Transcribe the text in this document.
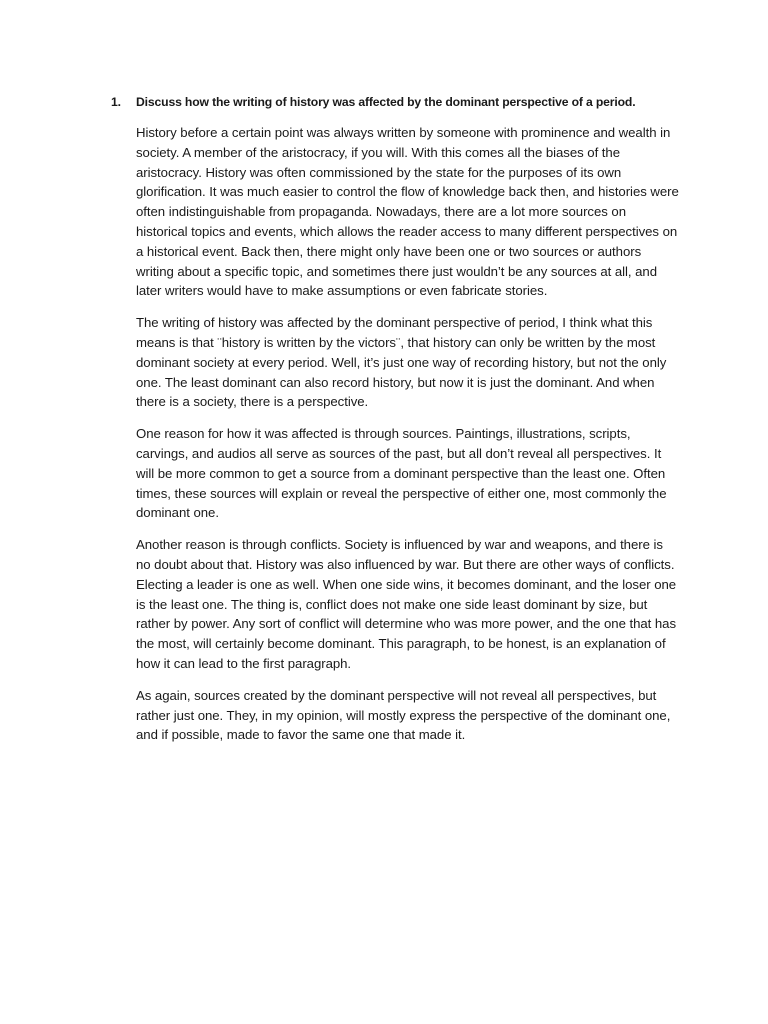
1. Discuss how the writing of history was affected by the dominant perspective of a period.

History before a certain point was always written by someone with prominence and wealth in society. A member of the aristocracy, if you will. With this comes all the biases of the aristocracy. History was often commissioned by the state for the purposes of its own glorification. It was much easier to control the flow of knowledge back then, and histories were often indistinguishable from propaganda. Nowadays, there are a lot more sources on historical topics and events, which allows the reader access to many different perspectives on a historical event. Back then, there might only have been one or two sources or authors writing about a specific topic, and sometimes there just wouldn’t be any sources at all, and later writers would have to make assumptions or even fabricate stories.

The writing of history was affected by the dominant perspective of period, I think what this means is that ¨history is written by the victors¨, that history can only be written by the most dominant society at every period. Well, it’s just one way of recording history, but not the only one. The least dominant can also record history, but now it is just the dominant. And when there is a society, there is a perspective.

One reason for how it was affected is through sources. Paintings, illustrations, scripts, carvings, and audios all serve as sources of the past, but all don’t reveal all perspectives. It will be more common to get a source from a dominant perspective than the least one. Often times, these sources will explain or reveal the perspective of either one, most commonly the dominant one.

Another reason is through conflicts. Society is influenced by war and weapons, and there is no doubt about that. History was also influenced by war. But there are other ways of conflicts. Electing a leader is one as well. When one side wins, it becomes dominant, and the loser one is the least one. The thing is, conflict does not make one side least dominant by size, but rather by power. Any sort of conflict will determine who was more power, and the one that has the most, will certainly become dominant. This paragraph, to be honest, is an explanation of how it can lead to the first paragraph.

As again, sources created by the dominant perspective will not reveal all perspectives, but rather just one. They, in my opinion, will mostly express the perspective of the dominant one, and if possible, made to favor the same one that made it.
